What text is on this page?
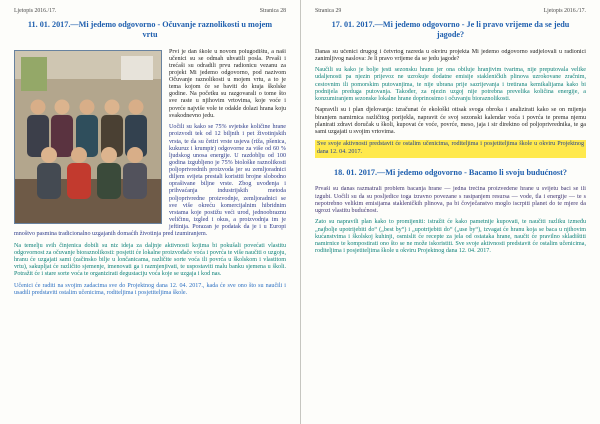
Ljetopis 2016./17.	Stranica 28
11. 01. 2017.—Mi jedemo odgovorno - Očuvanje raznolikosti u mojem vrtu

Prvi je dan škole u novom polugodištu, a naši učenici su se odmah uhvatili posla. Prvaši i trećaši su odradili prvu radionicu vezanu za projekt Mi jedemo odgovorno, pod nazivom Očuvanje raznolikosti u mojem vrtu, a to je tema kojom će se baviti do kraja školske godine. Na početku su razgovarali o tome što sve raste u njihovim vrtovima, koje voće i povrće najviše vole te odakle dolazi hrana koju svakodnevno jedu.

Uočili su kako se 75% svjetske količine hrane proizvodi tek od 12 biljnih i pet životinjskih vrsta, te da su četiri vrste usjeva (riža, pšenica, kukuruz i krumpir) odgovorne za više od 60 % ljudskog unosa energije. U razdoblju od 100 godina izgubljeno je 75% biološke raznolikosti poljoprivrednih proizvoda jer su zemljoradnici diljem svijeta prestali koristiti brojne slobodno oprašivane biljne vrste. Zbog uvođenja i prihvaćanja industrijskih metoda poljoprivredne proizvodnje, zemljoradnici se sve više okreću komercijalnim hibridnim vrstama koje postižu veći urod, jednoobraznu veličinu, izgled i okus, a proizvodnja im je jeftinija. Porazan je podatak da je i u Europi mnoštvo pasmina tradicionalno uzgajanih domaćih životinja pred izumiranjem.

Na temelju svih činjenica dobili su niz ideja za daljnje aktivnosti kojima bi pokušali povećati vlastitu odgovornost za očuvanje bioraznolikosti: posjetit će lokalne proizvođače voća i povrća te više naučiti o uzgoju, hranu će uzgajati sami (začinsko bilje u lončanicama, različite sorte voća ili povrća u školskom i vlastitom vrtu), sakupljat će različito sjemenje, imenovati ga i razmjenjivati, te uspostaviti malu banku sjemena u školi. Potražit će i stare sorte voća te organizirati degustaciju voća koje se uzgaja i kod nas.

Učenici će raditi na svojim zadacima sve do Projektnog dana 12. 04. 2017., kada će sve ono što su naučili i usadili predstaviti ostalim učenicima, roditeljima i posjetiteljima škole.

Stranica 29	Ljetopis 2016./17.
17. 01. 2017.—Mi jedemo odgovorno - Je li pravo vrijeme da se jedu jagode?

Danas su učenici drugog i četvrtog razreda u okviru projekta Mi jedemo odgovorno sudjelovali u radionici zanimljivog naslova: Je li pravo vrijeme da se jedu jagode?

Naučili su kako je bolje jesti sezonsku hranu jer ona obiluje hranjivim tvarima, nije preputovala velike udaljenosti pa njezin prijevoz ne uzrokuje dodatne emisije stakleničkih plinova uzrokovane zračnim, cestovnim ili pomorskim putovanjima, te nije ubrana prije sazrijevanja i tretirana kemikalijama kako bi podnijela preduga putovanja. Također, za njezin uzgoj nije potrebna prevelika količina energije, a konzumiranjem sezonske lokalne hrane doprinosimo i očuvanju bioraznolikosti.

Napravili su i plan djelovanja: izračunat će ekološki otisak svoga obroka i analizirati kako se on mijenja biranjem namirnica različitog porijekla, napravit će svoj sezonski kalendar voća i povrća te prema njemu planirati zdravi doručak u školi, kupovat će voće, povrće, meso, jaja i sir direktno od poljoprivrednika, te ga sami uzgajati u svojim vrtovima.

Sve svoje aktivnosti predstavit će ostalim učenicima, roditeljima i posjetiteljima škole u okviru Projektnog dana 12. 04. 2017.

18. 01. 2017.—Mi jedemo odgovorno - Bacamo li svoju budućnost?

Prvaši su danas razmatrali problem bacanja hrane — jedna trećina proizvedene hrane u svijetu baci se ili izgubi. Uočili su da su posljedice toga izravno povezane s rasipanjem resursa — vode, tla i energije — te s nepotrebno velikim emisijama stakleničkih plinova, pa bi čovječanstvo moglo iscrpiti planet do te mjere da ugrozi vlastitu budućnost.

Zato su napravili plan kako to promijeniti: istražit će kako pametnije kupovati, te naučiti razliku između „najbolje upotrijebiti do“ („best by“) i „upotrijebiti do“ („use by“), izvagat će hranu koja se baca u njihovim kućanstvima i školskoj kuhinji, osmislit će recepte za jela od ostataka hrane, naučit će pravilno skladištiti namirnice te kompostirati ono što se ne može iskoristiti. Sve svoje aktivnosti predstavit će ostalim učenicima, roditeljima i posjetiteljima škole u okviru Projektnog dana 12. 04. 2017.
